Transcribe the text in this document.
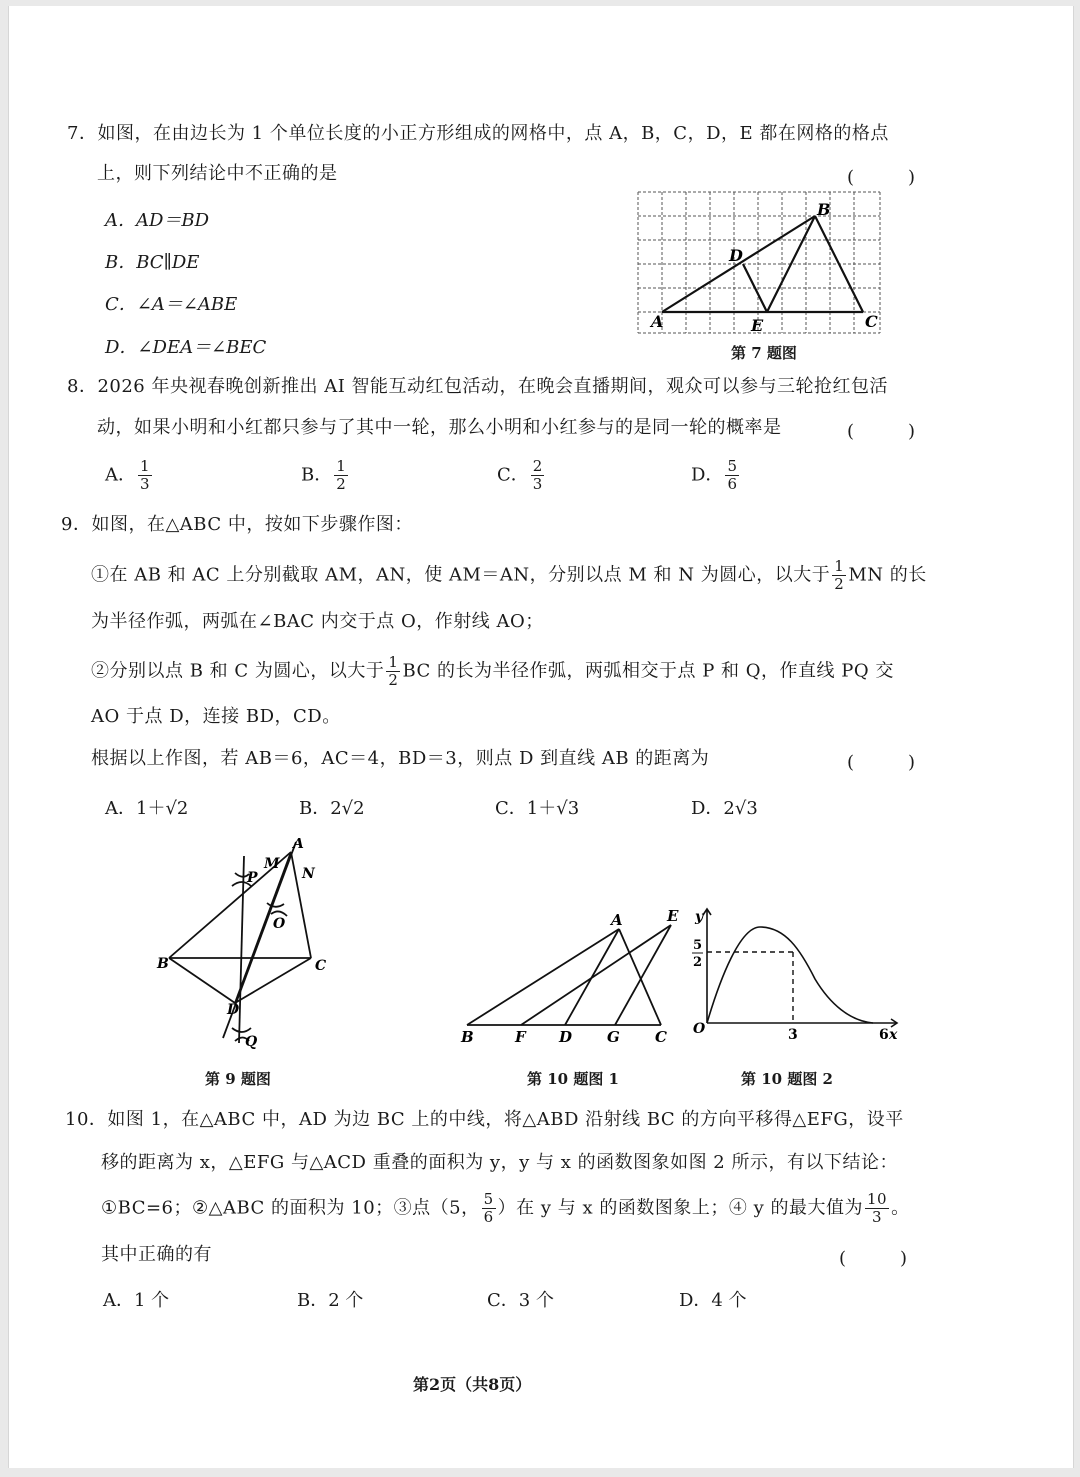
7．如图，在由边长为 1 个单位长度的小正方形组成的网格中，点 A，B，C，D，E 都在网格的格点
上，则下列结论中不正确的是	(　)
A．AD＝BD
B．BC∥DE
C．∠A＝∠ABE
D．∠DEA＝∠BEC
A
B
C
D
E
第 7 题图
8．2026 年央视春晚创新推出 AI 智能互动红包活动，在晚会直播期间，观众可以参与三轮抢红包活
动，如果小明和小红都只参与了其中一轮，那么小明和小红参与的是同一轮的概率是	(　)
A． $\frac{1}{3}$	B． $\frac{1}{2}$	C． $\frac{2}{3}$	D． $\frac{5}{6}$
9．如图，在△ABC 中，按如下步骤作图：
①在 AB 和 AC 上分别截取 AM，AN，使 AM＝AN，分别以点 M 和 N 为圆心，以大于 $\frac{1}{2}$ MN 的长
为半径作弧，两弧在∠BAC 内交于点 O，作射线 AO；
②分别以点 B 和 C 为圆心，以大于 $\frac{1}{2}$ BC 的长为半径作弧，两弧相交于点 P 和 Q，作直线 PQ 交
AO 于点 D，连接 BD，CD。
根据以上作图，若 AB＝6，AC＝4，BD＝3，则点 D 到直线 AB 的距离为	(　)
A．1＋√2	B．2√2	C．1＋√3	D．2√3
A
B	C
D
M
N
O
P
Q
第 9 题图
A	E
B	F D G C
第 10 题图 1
y
x
O	3	6
5
2
第 10 题图 2
10．如图 1，在△ABC 中，AD 为边 BC 上的中线，将△ABD 沿射线 BC 的方向平移得△EFG，设平
移的距离为 x，△EFG 与△ACD 重叠的面积为 y，y 与 x 的函数图象如图 2 所示，有以下结论：
①BC=6；②△ABC 的面积为 10；③点（5， $\frac{5}{6}$ ）在 y 与 x 的函数图象上；④ y 的最大值为 $\frac{10}{3}$ 。
其中正确的有	(　)
A．1 个	B．2 个	C．3 个	D．4 个
第2页（共8页）
